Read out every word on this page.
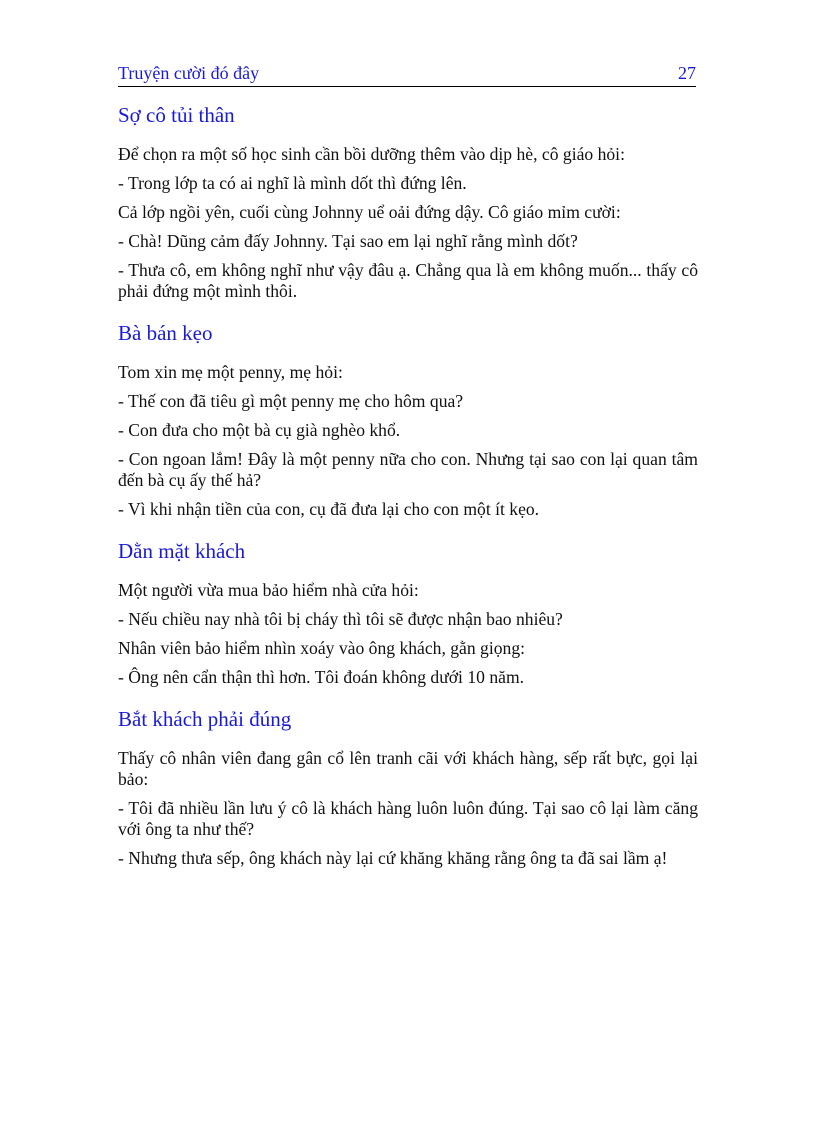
Truyện cười đó đây	27
Sợ cô tủi thân

Để chọn ra một số học sinh cần bồi dưỡng thêm vào dịp hè, cô giáo hỏi:

- Trong lớp ta có ai nghĩ là mình dốt thì đứng lên.

Cả lớp ngồi yên, cuối cùng Johnny uể oải đứng dậy. Cô giáo mỉm cười:

- Chà! Dũng cảm đấy Johnny. Tại sao em lại nghĩ rằng mình dốt?

- Thưa cô, em không nghĩ như vậy đâu ạ. Chẳng qua là em không muốn... thấy cô phải đứng một mình thôi.

Bà bán kẹo

Tom xin mẹ một penny, mẹ hỏi:

- Thế con đã tiêu gì một penny mẹ cho hôm qua?

- Con đưa cho một bà cụ già nghèo khổ.

- Con ngoan lắm! Đây là một penny nữa cho con. Nhưng tại sao con lại quan tâm đến bà cụ ấy thế hả?

- Vì khi nhận tiền của con, cụ đã đưa lại cho con một ít kẹo.

Dằn mặt khách

Một người vừa mua bảo hiểm nhà cửa hỏi:

- Nếu chiều nay nhà tôi bị cháy thì tôi sẽ được nhận bao nhiêu?

Nhân viên bảo hiểm nhìn xoáy vào ông khách, gằn giọng:

- Ông nên cẩn thận thì hơn. Tôi đoán không dưới 10 năm.

Bắt khách phải đúng

Thấy cô nhân viên đang gân cổ lên tranh cãi với khách hàng, sếp rất bực, gọi lại bảo:

- Tôi đã nhiều lần lưu ý cô là khách hàng luôn luôn đúng. Tại sao cô lại làm căng với ông ta như thế?

- Nhưng thưa sếp, ông khách này lại cứ khăng khăng rằng ông ta đã sai lầm ạ!
